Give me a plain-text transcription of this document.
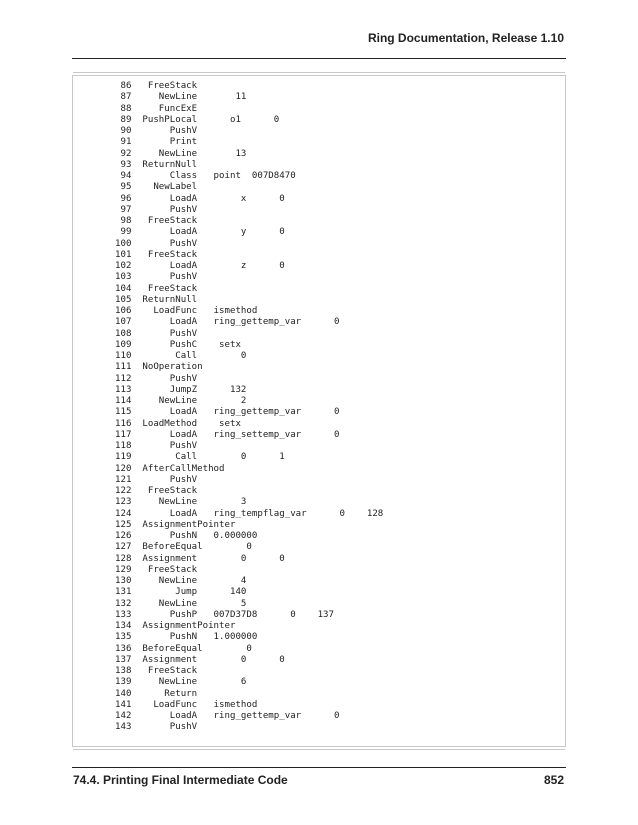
Ring Documentation, Release 1.10
86   FreeStack
87     NewLine       11
88     FuncExE
89  PushPLocal      o1      0
90       PushV
91       Print
92     NewLine       13
93  ReturnNull
94       Class   point  007D8470
95    NewLabel
96       LoadA        x      0
97       PushV
98   FreeStack
99       LoadA        y      0
100       PushV
101   FreeStack
102       LoadA        z      0
103       PushV
104   FreeStack
105  ReturnNull
106    LoadFunc   ismethod
107       LoadA   ring_gettemp_var      0
108       PushV
109       PushC    setx
110        Call        0
111  NoOperation
112       PushV
113       JumpZ      132
114     NewLine        2
115       LoadA   ring_gettemp_var      0
116  LoadMethod    setx
117       LoadA   ring_settemp_var      0
118       PushV
119        Call        0      1
120  AfterCallMethod
121       PushV
122   FreeStack
123     NewLine        3
124       LoadA   ring_tempflag_var      0    128
125  AssignmentPointer
126       PushN   0.000000
127  BeforeEqual        0
128  Assignment        0      0
129   FreeStack
130     NewLine        4
131        Jump      140
132     NewLine        5
133       PushP   007D37D8      0    137
134  AssignmentPointer
135       PushN   1.000000
136  BeforeEqual        0
137  Assignment        0      0
138   FreeStack
139     NewLine        6
140      Return
141    LoadFunc   ismethod
142       LoadA   ring_gettemp_var      0
143       PushV
74.4. Printing Final Intermediate Code	852
